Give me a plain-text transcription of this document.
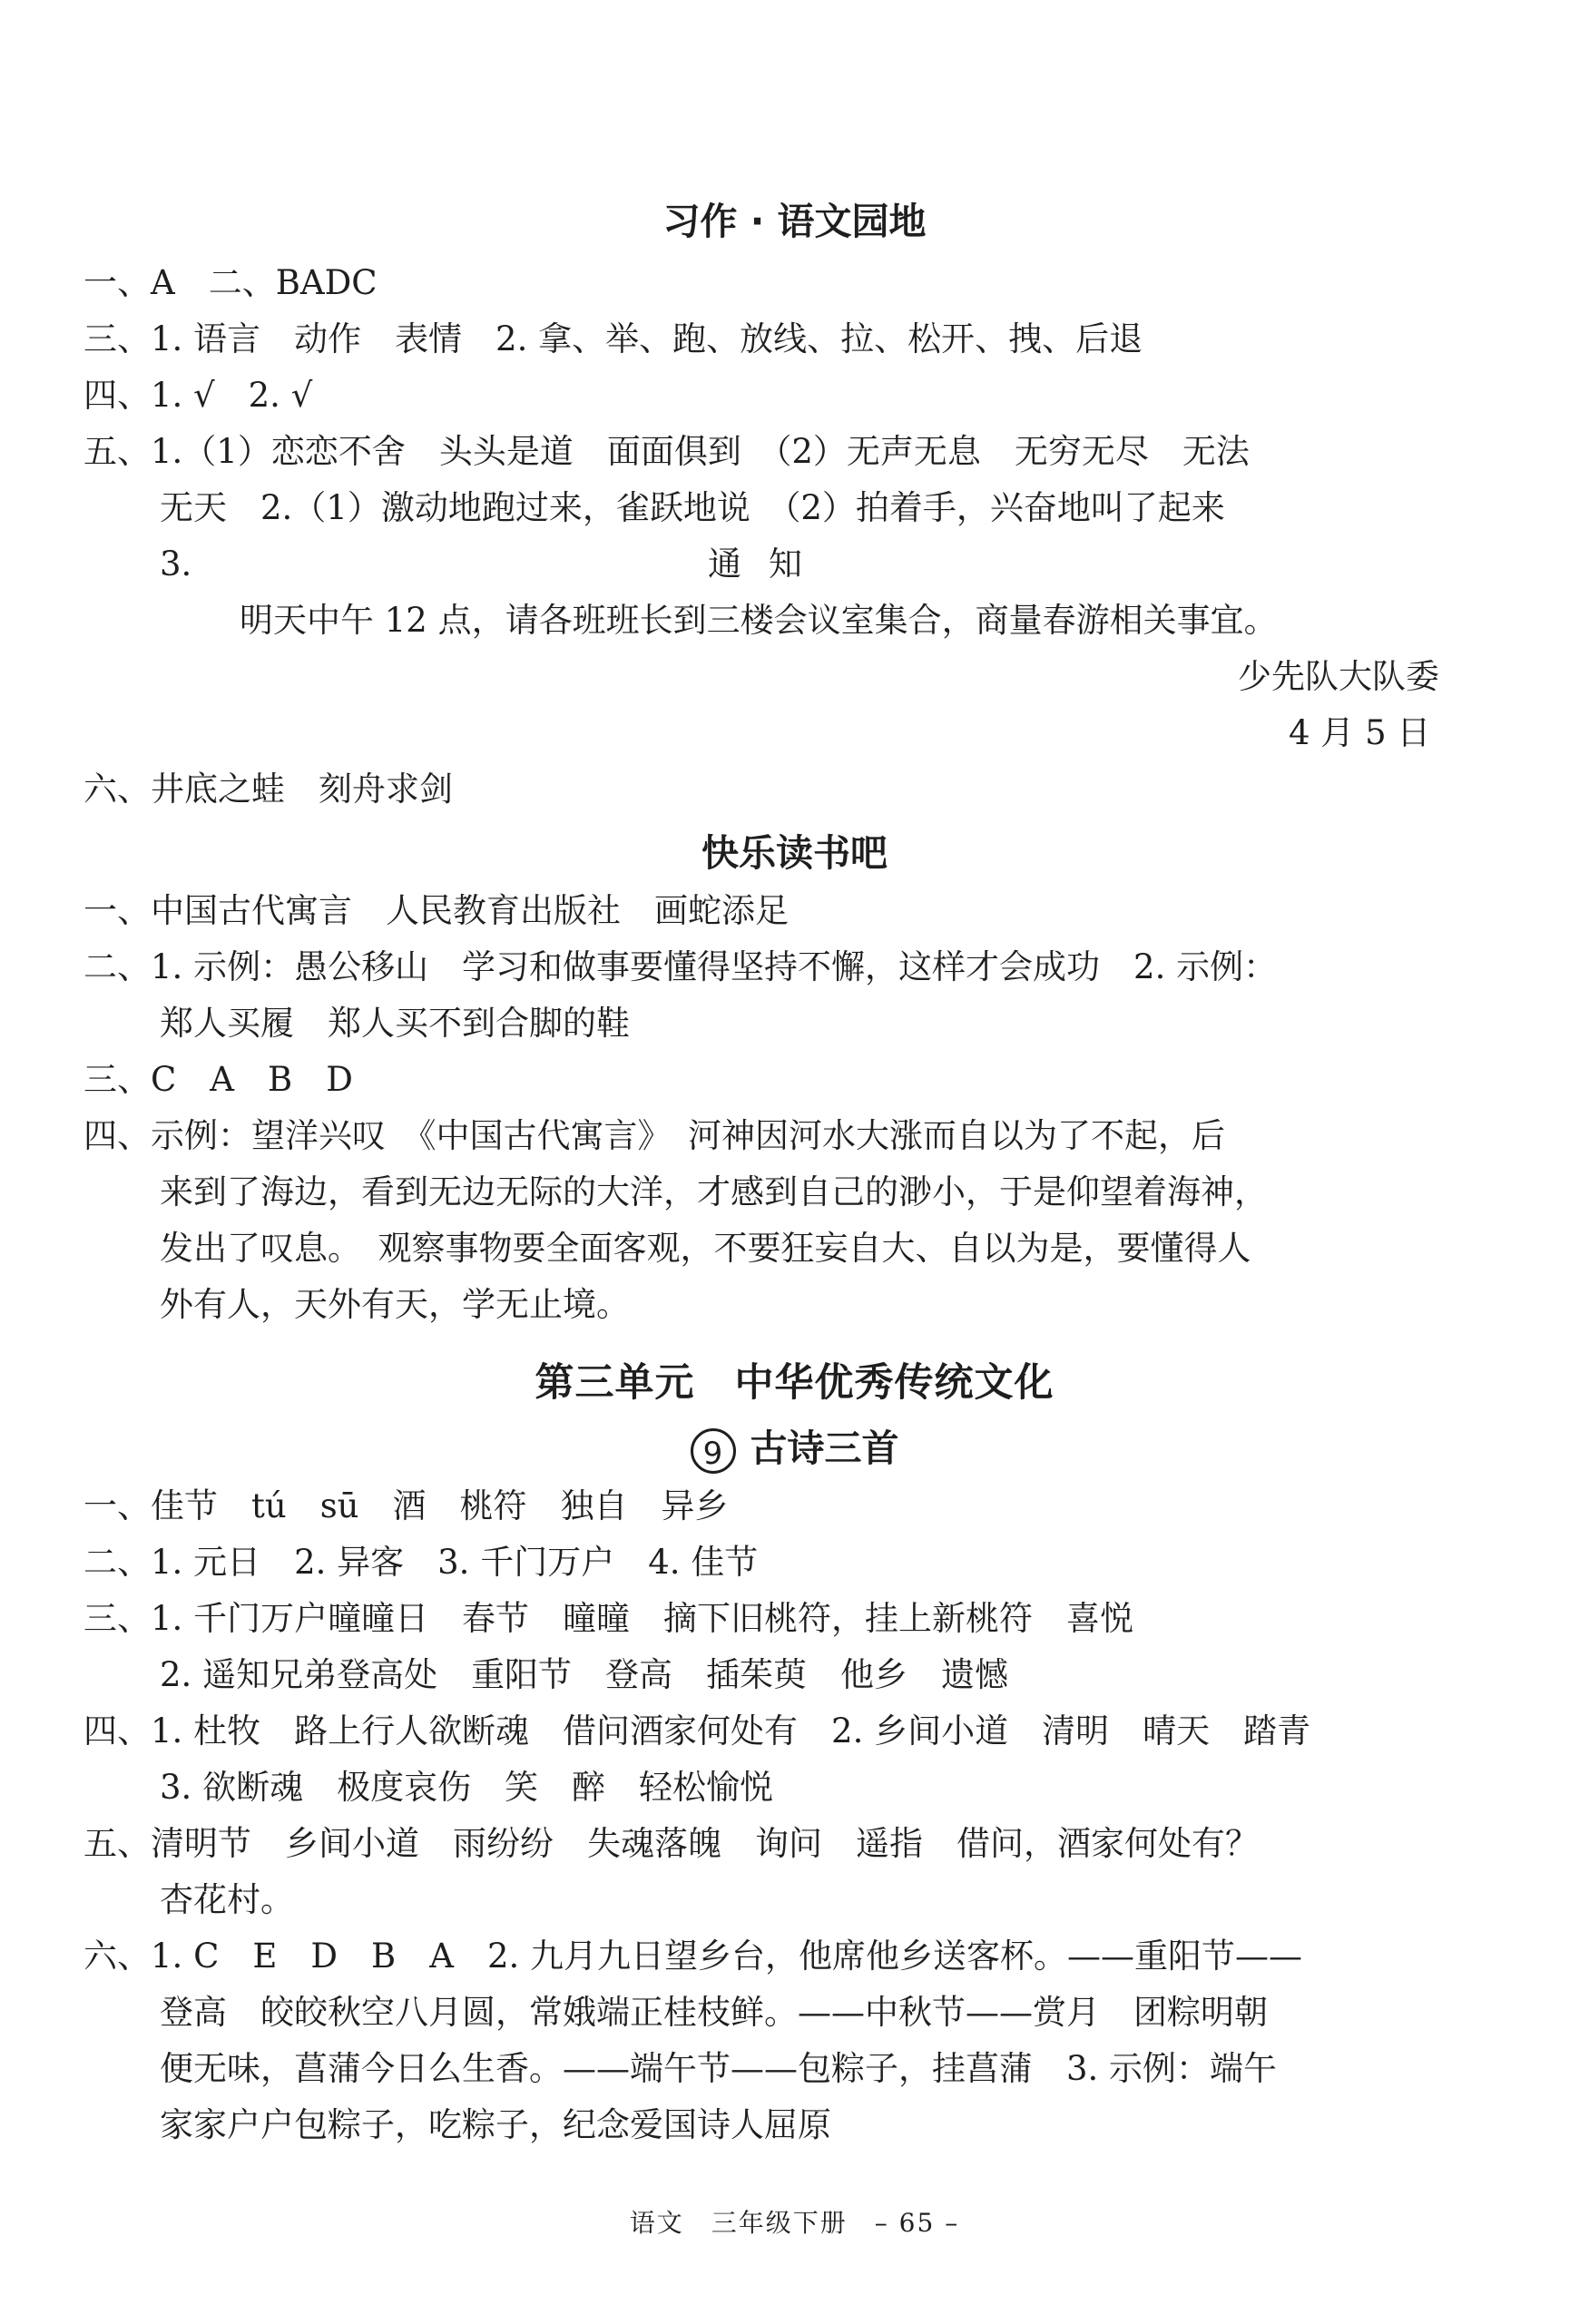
习作 · 语文园地
一、A　二、BADC
三、1. 语言　动作　表情　2. 拿、举、跑、放线、拉、松开、拽、后退
四、1. √　2. √
五、1.（1）恋恋不舍　头头是道　面面俱到　（2）无声无息　无穷无尽　无法
无天　2.（1）激动地跑过来，雀跃地说　（2）拍着手，兴奋地叫了起来
3.	通知
明天中午 12 点，请各班班长到三楼会议室集合，商量春游相关事宜。
少先队大队委
4 月 5 日
六、井底之蛙　刻舟求剑
快乐读书吧
一、中国古代寓言　人民教育出版社　画蛇添足
二、1. 示例：愚公移山　学习和做事要懂得坚持不懈，这样才会成功　2. 示例：
郑人买履　郑人买不到合脚的鞋
三、C　A　B　D
四、示例：望洋兴叹　《中国古代寓言》　河神因河水大涨而自以为了不起，后
来到了海边，看到无边无际的大洋，才感到自己的渺小，于是仰望着海神，
发出了叹息。　观察事物要全面客观，不要狂妄自大、自以为是，要懂得人
外有人，天外有天，学无止境。
第三单元　中华优秀传统文化
9 古诗三首
一、佳节　tú　sū　酒　桃符　独自　异乡
二、1. 元日　2. 异客　3. 千门万户　4. 佳节
三、1. 千门万户曈曈日　春节　曈曈　摘下旧桃符，挂上新桃符　喜悦
2. 遥知兄弟登高处　重阳节　登高　插茱萸　他乡　遗憾
四、1. 杜牧　路上行人欲断魂　借问酒家何处有　2. 乡间小道　清明　晴天　踏青
3. 欲断魂　极度哀伤　笑　醉　轻松愉悦
五、清明节　乡间小道　雨纷纷　失魂落魄　询问　遥指　借问，酒家何处有？
杏花村。
六、1. C　E　D　B　A　2. 九月九日望乡台，他席他乡送客杯。——重阳节——
登高　皎皎秋空八月圆，常娥端正桂枝鲜。——中秋节——赏月　团粽明朝
便无味，菖蒲今日么生香。——端午节——包粽子，挂菖蒲　3. 示例：端午
家家户户包粽子，吃粽子，纪念爱国诗人屈原
语文　三年级下册　– 65 –
